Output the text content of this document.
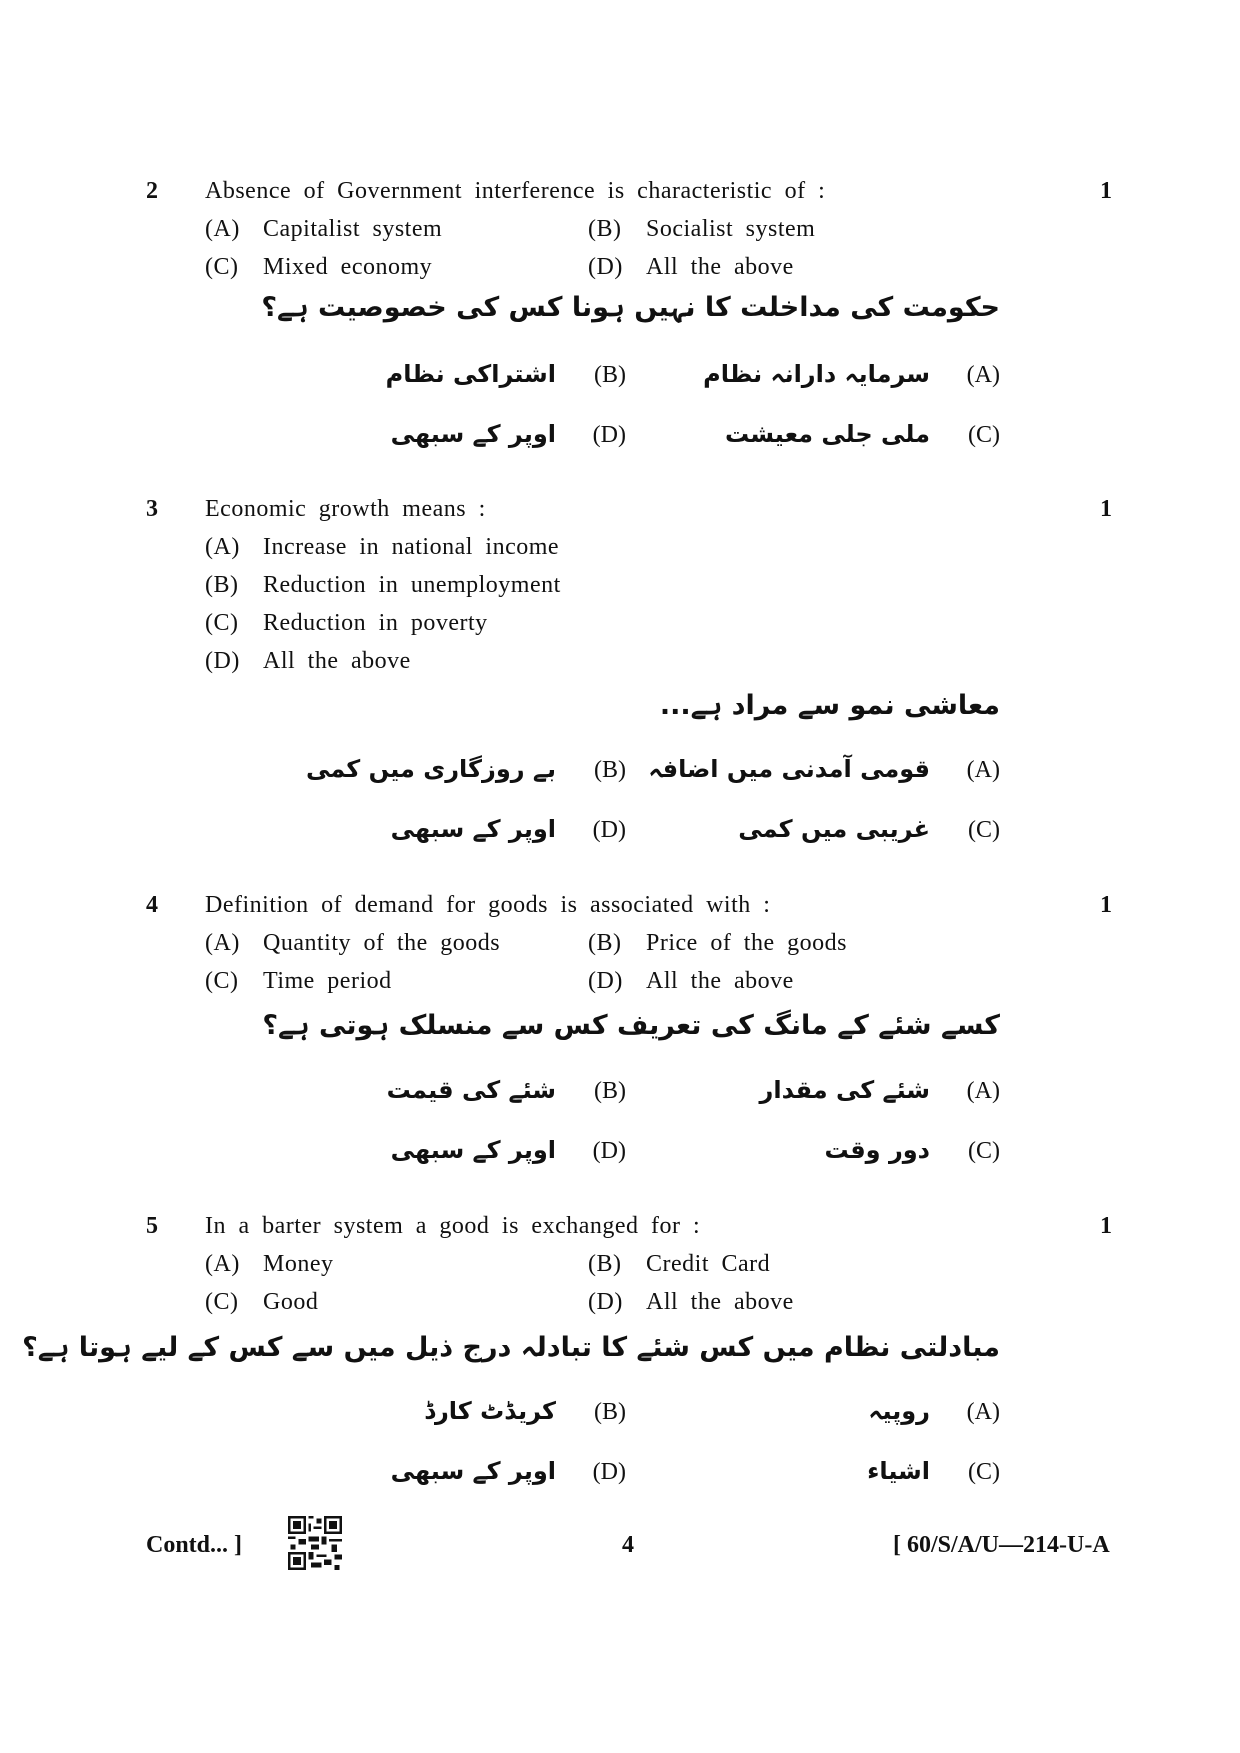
2 Absence of Government interference is characteristic of :	1
(A) Capitalist system	(B) Socialist system
(C) Mixed economy	(D) All the above
حکومت کی مداخلت کا نہیں ہونا کس کی خصوصیت ہے؟
(A)سرمایہ دارانہ نظام
(B)اشتراکی نظام
(C)ملی جلی معیشت
(D)اوپر کے سبھی
3 Economic growth means :	1
(A) Increase in national income
(B) Reduction in unemployment
(C) Reduction in poverty
(D) All the above
معاشی نمو سے مراد ہے...
(A)قومی آمدنی میں اضافہ
(B)بے روزگاری میں کمی
(C)غریبی میں کمی
(D)اوپر کے سبھی
4 Definition of demand for goods is associated with :	1
(A) Quantity of the goods	(B) Price of the goods
(C) Time period	(D) All the above
کسے شئے کے مانگ کی تعریف کس سے منسلک ہوتی ہے؟
(A)شئے کی مقدار
(B)شئے کی قیمت
(C)دور وقت
(D)اوپر کے سبھی
5 In a barter system a good is exchanged for :	1
(A) Money	(B) Credit Card
(C) Good	(D) All the above
مبادلتی نظام میں کس شئے کا تبادلہ درج ذیل میں سے کس کے لیے ہوتا ہے؟
(A)روپیہ
(B)کریڈٹ کارڈ
(C)اشیاء
(D)اوپر کے سبھی
Contd... ]	4	[ 60/S/A/U—214-U-A
